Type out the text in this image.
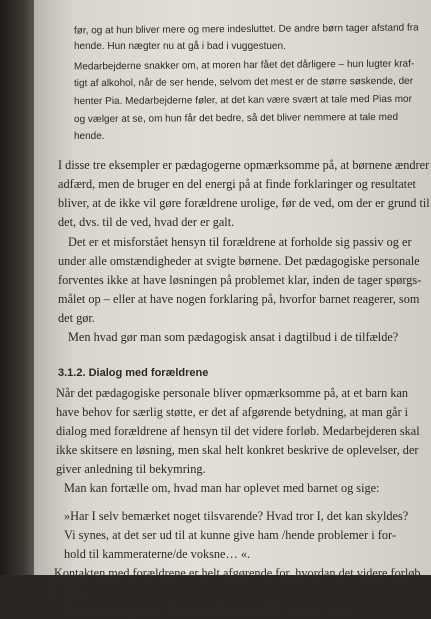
før, og at hun bliver mere og mere indesluttet. De andre børn tager afstand fra
hende. Hun nægter nu at gå i bad i vuggestuen.
Medarbejderne snakker om, at moren har fået det dårligere – hun lugter kraf-
tigt af alkohol, når de ser hende, selvom det mest er de større søskende, der
henter Pia. Medarbejderne føler, at det kan være svært at tale med Pias mor
og vælger at se, om hun får det bedre, så det bliver nemmere at tale med
hende.
I disse tre eksempler er pædagogerne opmærksomme på, at børnene ændrer
adfærd, men de bruger en del energi på at finde forklaringer og resultatet
bliver, at de ikke vil gøre forældrene urolige, før de ved, om der er grund til
det, dvs. til de ved, hvad der er galt.
Det er et misforstået hensyn til forældrene at forholde sig passiv og er
under alle omstændigheder at svigte børnene. Det pædagogiske personale
forventes ikke at have løsningen på problemet klar, inden de tager spørgs-
målet op – eller at have nogen forklaring på, hvorfor barnet reagerer, som
det gør.
Men hvad gør man som pædagogisk ansat i dagtilbud i de tilfælde?
3.1.2. Dialog med forældrene
Når det pædagogiske personale bliver opmærksomme på, at et barn kan
have behov for særlig støtte, er det af afgørende betydning, at man går i
dialog med forældrene af hensyn til det videre forløb. Medarbejderen skal
ikke skitsere en løsning, men skal helt konkret beskrive de oplevelser, der
giver anledning til bekymring.
Man kan fortælle om, hvad man har oplevet med barnet og sige:
»Har I selv bemærket noget tilsvarende? Hvad tror I, det kan skyldes?
Vi synes, at det ser ud til at kunne give ham /hende problemer i for-
hold til kammeraterne/de voksne… «.
Kontakten med forældrene er helt afgørende for, hvordan det videre forløb
bliver.
I de tre eksempler vil det kunne have forskellige resultater:
